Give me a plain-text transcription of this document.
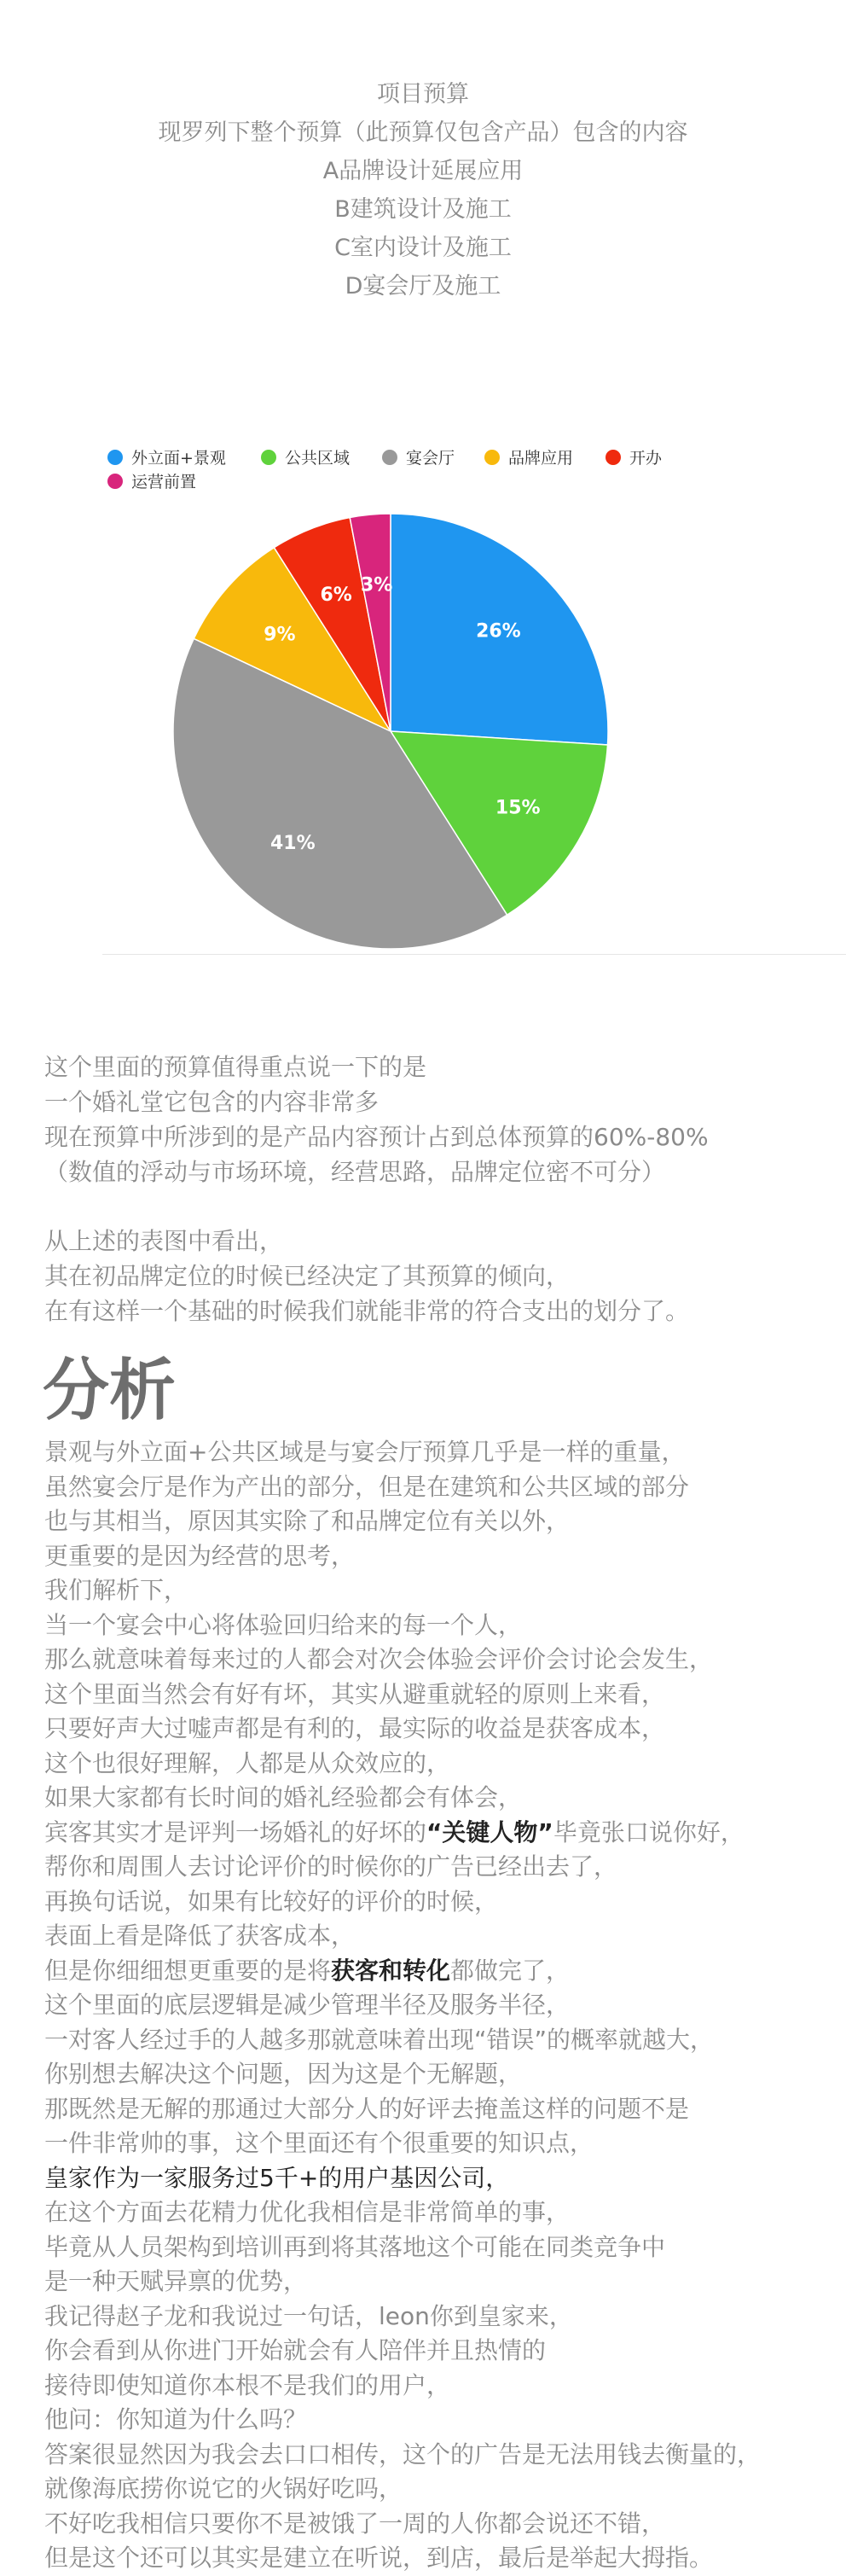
项目预算
现罗列下整个预算（此预算仅包含产品）包含的内容
A品牌设计延展应用
B建筑设计及施工
C室内设计及施工
D宴会厅及施工
外立面+景观	公共区域	宴会厅	品牌应用	开办
运营前置
26%
15%
41%
9%
6% 3%
这个里面的预算值得重点说一下的是
一个婚礼堂它包含的内容非常多
现在预算中所涉到的是产品内容预计占到总体预算的60%-80%
（数值的浮动与市场环境，经营思路，品牌定位密不可分）
从上述的表图中看出，
其在初品牌定位的时候已经决定了其预算的倾向，
在有这样一个基础的时候我们就能非常的符合支出的划分了。
分析
景观与外立面+公共区域是与宴会厅预算几乎是一样的重量，
虽然宴会厅是作为产出的部分，但是在建筑和公共区域的部分
也与其相当，原因其实除了和品牌定位有关以外，
更重要的是因为经营的思考，
我们解析下，
当一个宴会中心将体验回归给来的每一个人，
那么就意味着每来过的人都会对次会体验会评价会讨论会发生，
这个里面当然会有好有坏，其实从避重就轻的原则上来看，
只要好声大过嘘声都是有利的，最实际的收益是获客成本，
这个也很好理解，人都是从众效应的，
如果大家都有长时间的婚礼经验都会有体会，
宾客其实才是评判一场婚礼的好坏的“关键人物”毕竟张口说你好，
帮你和周围人去讨论评价的时候你的广告已经出去了，
再换句话说，如果有比较好的评价的时候，
表面上看是降低了获客成本，
但是你细细想更重要的是将获客和转化都做完了，
这个里面的底层逻辑是减少管理半径及服务半径，
一对客人经过手的人越多那就意味着出现“错误”的概率就越大，
你别想去解决这个问题，因为这是个无解题，
那既然是无解的那通过大部分人的好评去掩盖这样的问题不是
一件非常帅的事，这个里面还有个很重要的知识点，
皇家作为一家服务过5千+的用户基因公司，
在这个方面去花精力优化我相信是非常简单的事，
毕竟从人员架构到培训再到将其落地这个可能在同类竞争中
是一种天赋异禀的优势，
我记得赵子龙和我说过一句话，leon你到皇家来，
你会看到从你进门开始就会有人陪伴并且热情的
接待即使知道你本根不是我们的用户，
他问：你知道为什么吗？
答案很显然因为我会去口口相传，这个的广告是无法用钱去衡量的，
就像海底捞你说它的火锅好吃吗，
不好吃我相信只要你不是被饿了一周的人你都会说还不错，
但是这个还可以其实是建立在听说，到店，最后是举起大拇指。
